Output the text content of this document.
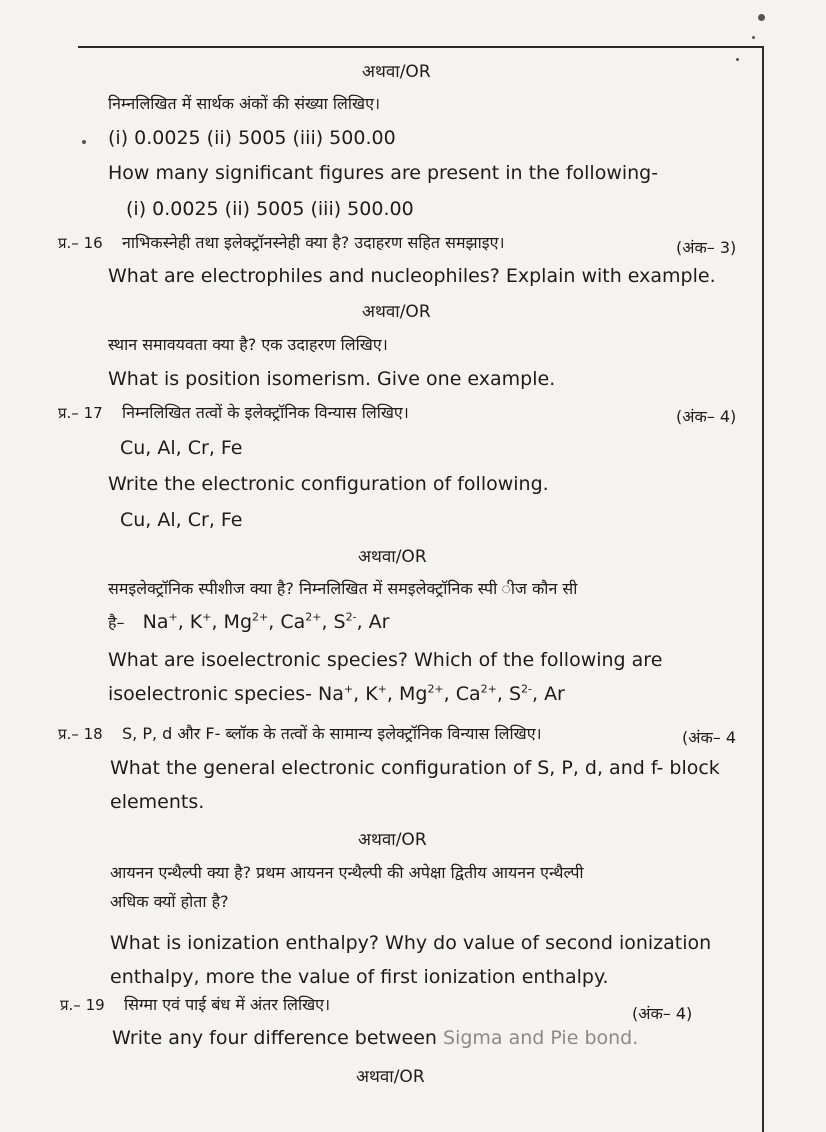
अथवा/OR
निम्नलिखित में सार्थक अंकों की संख्या लिखिए।
(i) 0.0025 (ii) 5005 (iii) 500.00
How many significant figures are present in the following-
(i) 0.0025 (ii) 5005 (iii) 500.00
प्र.– 16 नाभिकस्नेही तथा इलेक्ट्रॉनस्नेही क्या है? उदाहरण सहित समझाइए।	(अंक– 3)
What are electrophiles and nucleophiles? Explain with example.
अथवा/OR
स्थान समावयवता क्या है? एक उदाहरण लिखिए।
What is position isomerism. Give one example.
प्र.– 17 निम्नलिखित तत्वों के इलेक्ट्रॉनिक विन्यास लिखिए।	(अंक– 4)
Cu, Al, Cr, Fe
Write the electronic configuration of following.
Cu, Al, Cr, Fe
अथवा/OR
समइलेक्ट्रॉनिक स्पीशीज क्या है? निम्नलिखित में समइलेक्ट्रॉनिक स्पी ीज कौन सी
है–   Na+, K+, $Mg^{2+}$, $Ca^{2+}$, $S^{2-}$, Ar
What are isoelectronic species? Which of the following are
isoelectronic species- Na+, K+, $Mg^{2+}$, $Ca^{2+}$, $S^{2-}$, Ar
प्र.– 18 S, P, d और F- ब्लॉक के तत्वों के सामान्य इलेक्ट्रॉनिक विन्यास लिखिए।	(अंक– 4
What the general electronic configuration of S, P, d, and f- block
elements.
अथवा/OR
आयनन एन्थैल्पी क्या है? प्रथम आयनन एन्थैल्पी की अपेक्षा द्वितीय आयनन एन्थैल्पी
अधिक क्यों होता है?
What is ionization enthalpy? Why do value of second ionization
enthalpy, more the value of first ionization enthalpy.
प्र.– 19 सिग्मा एवं पाई बंध में अंतर लिखिए।	(अंक– 4)
Write any four difference between Sigma and Pie bond.
अथवा/OR
